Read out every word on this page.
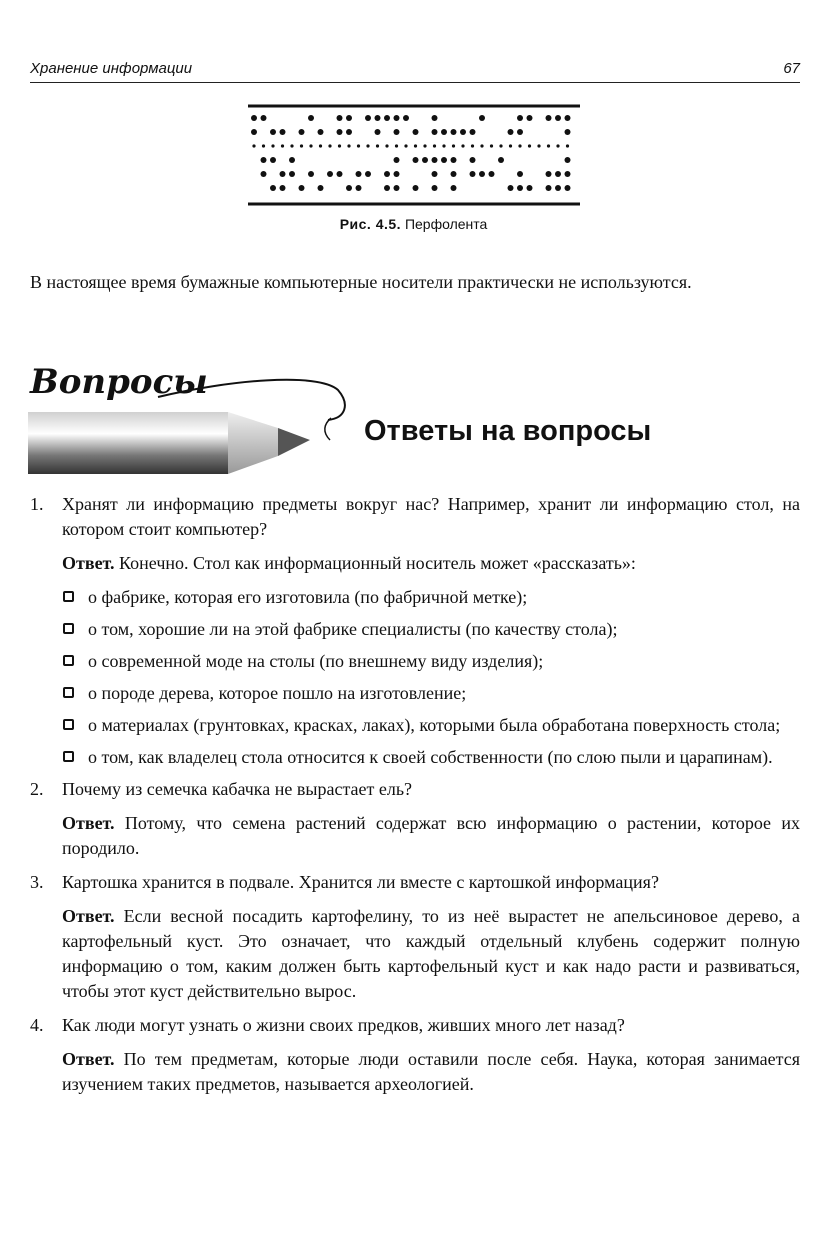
Хранение информации	67
Рис. 4.5. Перфолента
В настоящее время бумажные компьютерные носители практически не используются.
Вопросы
Ответы на вопросы
1. Хранят ли информацию предметы вокруг нас? Например, хранит ли информацию стол, на котором стоит компьютер?
Ответ. Конечно. Стол как информационный носитель может «рассказать»:
о фабрике, которая его изготовила (по фабричной метке);
о том, хорошие ли на этой фабрике специалисты (по качеству стола);
о современной моде на столы (по внешнему виду изделия);
о породе дерева, которое пошло на изготовление;
о материалах (грунтовках, красках, лаках), которыми была обработана поверхность стола;
о том, как владелец стола относится к своей собственности (по слою пыли и царапинам).
2. Почему из семечка кабачка не вырастает ель?
Ответ. Потому, что семена растений содержат всю информацию о растении, которое их породило.
3. Картошка хранится в подвале. Хранится ли вместе с картошкой информация?
Ответ. Если весной посадить картофелину, то из неё вырастет не апельсиновое дерево, а картофельный куст. Это означает, что каждый отдельный клубень содержит полную информацию о том, каким должен быть картофельный куст и как надо расти и развиваться, чтобы этот куст действительно вырос.
4. Как люди могут узнать о жизни своих предков, живших много лет назад?
Ответ. По тем предметам, которые люди оставили после себя. Наука, которая занимается изучением таких предметов, называется археологией.
